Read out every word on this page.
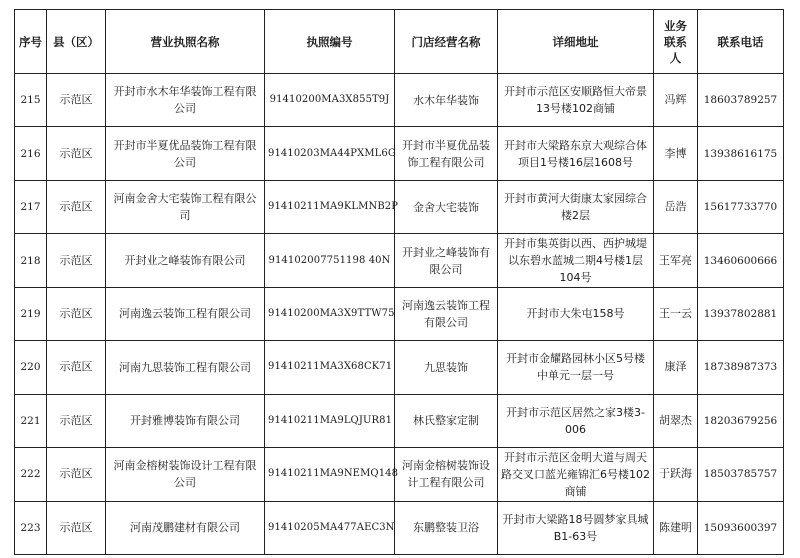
序号	县（区）	营业执照名称	执照编号	门店经营名称	详细地址	业务联系人	联系电话
215	示范区	开封市水木年华装饰工程有限公司	91410200MA3X855T9J	水木年华装饰	开封市示范区安顺路恒大帝景13号楼102商铺	冯辉	18603789257
216	示范区	开封市半夏优品装饰工程有限公司	91410203MA44PXML6G	开封市半夏优品装饰工程有限公司	开封市大梁路东京大观综合体项目1号楼16层1608号	李博	13938616175
217	示范区	河南金舍大宅装饰工程有限公司	91410211MA9KLMNB2P	金舍大宅装饰	开封市黄河大街康太家园综合楼2层	岳浩	15617733770
218	示范区	开封业之峰装饰有限公司	914102007751198 40N	开封业之峰装饰有限公司	开封市集英街以西、西护城堤以东碧水蓝城二期4号楼1层104号	王军亮	13460600666
219	示范区	河南逸云装饰工程有限公司	91410200MA3X9TTW75	河南逸云装饰工程有限公司	开封市大朱屯158号	王一云	13937802881
220	示范区	河南九思装饰工程有限公司	91410211MA3X68CK71	九思装饰	开封市金耀路园林小区5号楼中单元一层一号	康泽	18738987373
221	示范区	开封雅博装饰有限公司	91410211MA9LQJUR81	林氏整家定制	开封市示范区居然之家3楼3-006	胡翠杰	18203679256
222	示范区	河南金榕树装饰设计工程有限公司	91410211MA9NEMQ148	河南金榕树装饰设计工程有限公司	开封市示范区金明大道与周天路交叉口蓝光雍锦汇6号楼102商铺	于跃海	18503785757
223	示范区	河南茂鹏建材有限公司	91410205MA477AEC3N	东鹏整装卫浴	开封市大梁路18号圆梦家具城B1-63号	陈建明	15093600397
